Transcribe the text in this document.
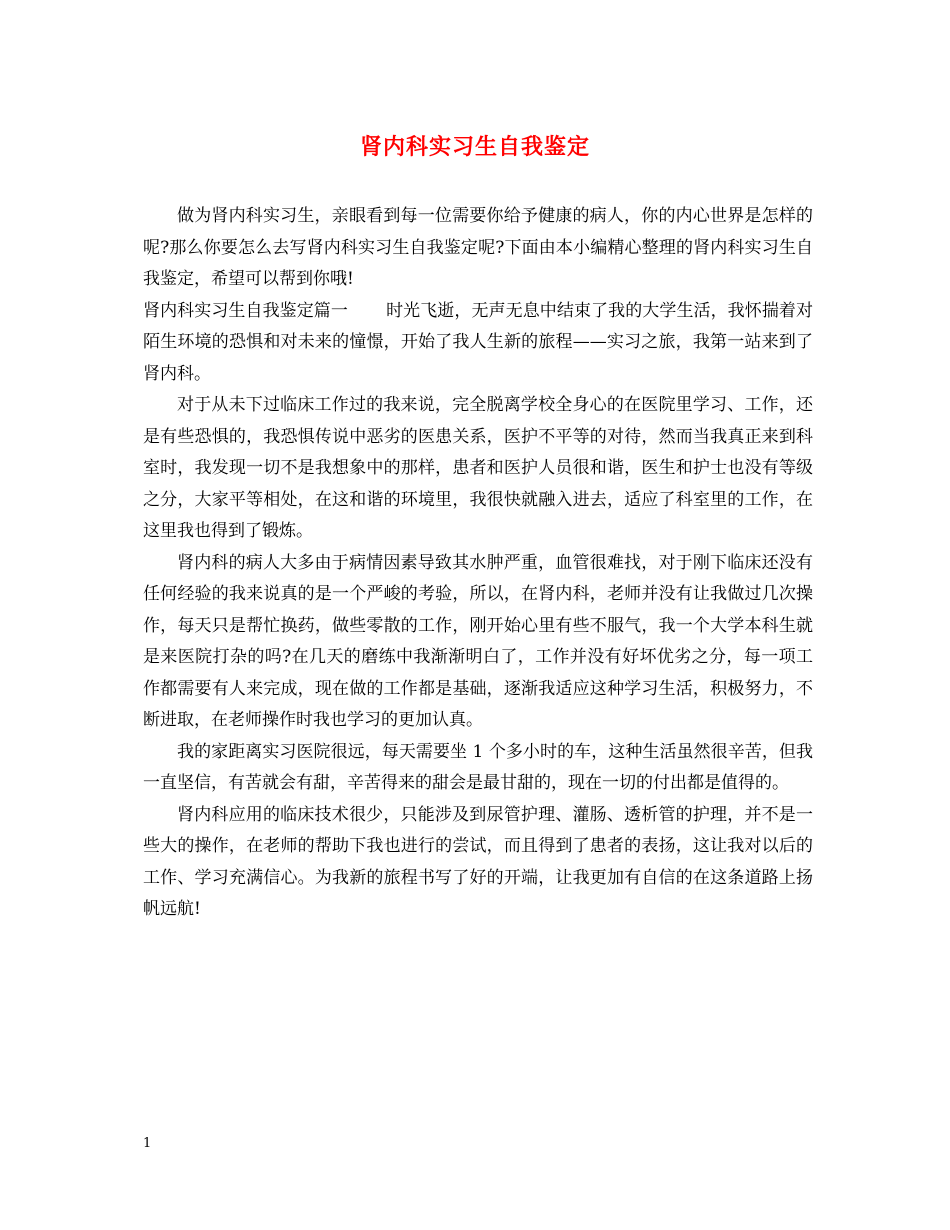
肾内科实习生自我鉴定

做为肾内科实习生，亲眼看到每一位需要你给予健康的病人，你的内心世界是怎样的呢?那么你要怎么去写肾内科实习生自我鉴定呢?下面由本小编精心整理的肾内科实习生自我鉴定，希望可以帮到你哦!

肾内科实习生自我鉴定篇一 时光飞逝，无声无息中结束了我的大学生活，我怀揣着对陌生环境的恐惧和对未来的憧憬，开始了我人生新的旅程——实习之旅，我第一站来到了肾内科。

对于从未下过临床工作过的我来说，完全脱离学校全身心的在医院里学习、工作，还是有些恐惧的，我恐惧传说中恶劣的医患关系，医护不平等的对待，然而当我真正来到科室时，我发现一切不是我想象中的那样，患者和医护人员很和谐，医生和护士也没有等级之分，大家平等相处，在这和谐的环境里，我很快就融入进去，适应了科室里的工作，在这里我也得到了锻炼。

肾内科的病人大多由于病情因素导致其水肿严重，血管很难找，对于刚下临床还没有任何经验的我来说真的是一个严峻的考验，所以，在肾内科，老师并没有让我做过几次操作，每天只是帮忙换药，做些零散的工作，刚开始心里有些不服气，我一个大学本科生就是来医院打杂的吗?在几天的磨练中我渐渐明白了，工作并没有好坏优劣之分，每一项工作都需要有人来完成，现在做的工作都是基础，逐渐我适应这种学习生活，积极努力，不断进取，在老师操作时我也学习的更加认真。

我的家距离实习医院很远，每天需要坐 1 个多小时的车，这种生活虽然很辛苦，但我一直坚信，有苦就会有甜，辛苦得来的甜会是最甘甜的，现在一切的付出都是值得的。

肾内科应用的临床技术很少，只能涉及到尿管护理、灌肠、透析管的护理，并不是一些大的操作，在老师的帮助下我也进行的尝试，而且得到了患者的表扬，这让我对以后的工作、学习充满信心。为我新的旅程书写了好的开端，让我更加有自信的在这条道路上扬帆远航!

1
